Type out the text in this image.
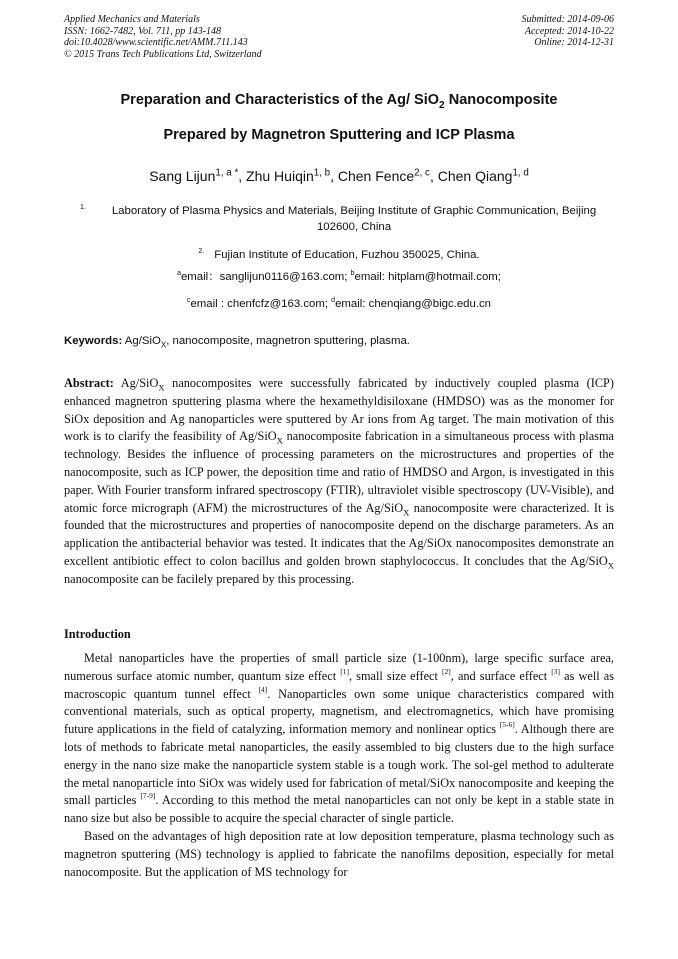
Applied Mechanics and Materials
ISSN: 1662-7482, Vol. 711, pp 143-148
doi:10.4028/www.scientific.net/AMM.711.143
© 2015 Trans Tech Publications Ltd, Switzerland
Submitted: 2014-09-06
Accepted: 2014-10-22
Online: 2014-12-31
Preparation and Characteristics of the Ag/ SiO$_2$ Nanocomposite
Prepared by Magnetron Sputtering and ICP Plasma
Sang Lijun$^{1, a *}$, Zhu Huiqin$^{1, b}$, Chen Fence$^{2, c}$, Chen Qiang$^{1, d}$
1.	Laboratory of Plasma Physics and Materials, Beijing Institute of Graphic Communication, Beijing 102600, China
$^{2.}$ Fujian Institute of Education, Fuzhou 350025, China.
$^a$email：sanglijun0116@163.com; $^b$email: hitplam@hotmail.com;
$^c$email : chenfcfz@163.com; $^d$email: chenqiang@bigc.edu.cn
Keywords: Ag/SiO$_X$, nanocomposite, magnetron sputtering, plasma.
Abstract: Ag/SiO$_X$ nanocomposites were successfully fabricated by inductively coupled plasma (ICP) enhanced magnetron sputtering plasma where the hexamethyldisiloxane (HMDSO) was as the monomer for SiOx deposition and Ag nanoparticles were sputtered by Ar ions from Ag target. The main motivation of this work is to clarify the feasibility of Ag/SiO$_X$ nanocomposite fabrication in a simultaneous process with plasma technology. Besides the influence of processing parameters on the microstructures and properties of the nanocomposite, such as ICP power, the deposition time and ratio of HMDSO and Argon, is investigated in this paper. With Fourier transform infrared spectroscopy (FTIR), ultraviolet visible spectroscopy (UV-Visible), and atomic force micrograph (AFM) the microstructures of the Ag/SiO$_X$ nanocomposite were characterized. It is founded that the microstructures and properties of nanocomposite depend on the discharge parameters. As an application the antibacterial behavior was tested. It indicates that the Ag/SiOx nanocomposites demonstrate an excellent antibiotic effect to colon bacillus and golden brown staphylococcus. It concludes that the Ag/SiO$_X$ nanocomposite can be facilely prepared by this processing.
Introduction

Metal nanoparticles have the properties of small particle size (1-100nm), large specific surface area, numerous surface atomic number, quantum size effect [1], small size effect [2], and surface effect [3] as well as macroscopic quantum tunnel effect [4]. Nanoparticles own some unique characteristics compared with conventional materials, such as optical property, magnetism, and electromagnetics, which have promising future applications in the field of catalyzing, information memory and nonlinear optics [5-6]. Although there are lots of methods to fabricate metal nanoparticles, the easily assembled to big clusters due to the high surface energy in the nano size make the nanoparticle system stable is a tough work. The sol-gel method to adulterate the metal nanoparticle into SiOx was widely used for fabrication of metal/SiOx nanocomposite and keeping the small particles [7-9]. According to this method the metal nanoparticles can not only be kept in a stable state in nano size but also be possible to acquire the special character of single particle.

Based on the advantages of high deposition rate at low deposition temperature, plasma technology such as magnetron sputtering (MS) technology is applied to fabricate the nanofilms deposition, especially for metal nanocomposite. But the application of MS technology for
